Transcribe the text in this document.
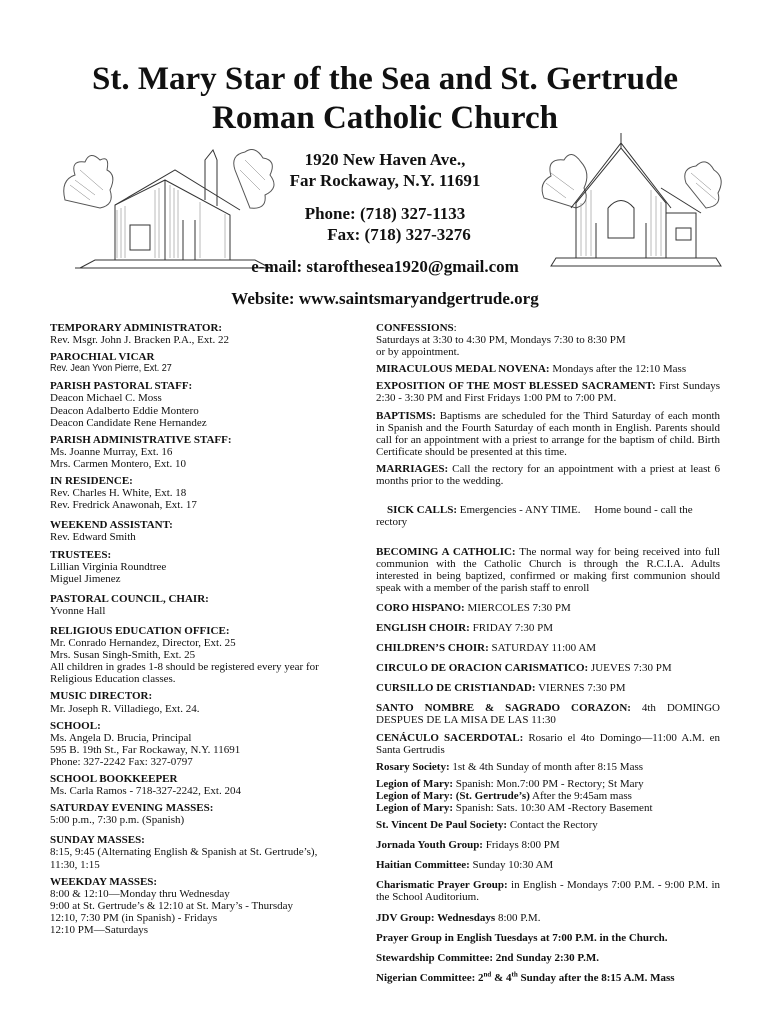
St. Mary Star of the Sea and St. Gertrude
Roman Catholic Church
1920 New Haven Ave.,
Far Rockaway, N.Y. 11691
Phone: (718) 327-1133
Fax: (718) 327-3276
e-mail: starofthesea1920@gmail.com
Website: www.saintsmaryandgertrude.org
TEMPORARY ADMINISTRATOR:
Rev. Msgr. John J. Bracken P.A., Ext. 22
PAROCHIAL VICAR
Rev. Jean Yvon Pierre, Ext. 27
PARISH PASTORAL STAFF:
Deacon Michael C. Moss
Deacon Adalberto Eddie Montero
Deacon Candidate Rene Hernandez
PARISH ADMINISTRATIVE STAFF:
Ms. Joanne Murray, Ext. 16
Mrs. Carmen Montero, Ext. 10
IN RESIDENCE:
Rev. Charles H. White, Ext. 18
Rev. Fredrick Anawonah, Ext. 17
WEEKEND ASSISTANT:
Rev. Edward Smith
TRUSTEES:
Lillian Virginia Roundtree
Miguel Jimenez
PASTORAL COUNCIL, CHAIR:
Yvonne Hall
RELIGIOUS EDUCATION OFFICE:
Mr. Conrado Hernandez, Director, Ext. 25
Mrs. Susan Singh-Smith, Ext. 25
All children in grades 1-8 should be registered every year for
Religious Education classes.
MUSIC DIRECTOR:
Mr. Joseph R. Villadiego, Ext. 24.
SCHOOL:
Ms. Angela D. Brucia, Principal
595 B. 19th St., Far Rockaway, N.Y. 11691
Phone: 327-2242 Fax: 327-0797
SCHOOL BOOKKEEPER
Ms. Carla Ramos - 718-327-2242, Ext. 204
SATURDAY EVENING MASSES:
5:00 p.m., 7:30 p.m. (Spanish)
SUNDAY MASSES:
8:15, 9:45 (Alternating English & Spanish at St. Gertrude’s),
11:30, 1:15
WEEKDAY MASSES:
8:00 & 12:10—Monday thru Wednesday
9:00 at St. Gertrude’s & 12:10 at St. Mary’s - Thursday
12:10, 7:30 PM (in Spanish) - Fridays
12:10 PM—Saturdays
CONFESSIONS:
Saturdays at 3:30 to 4:30 PM, Mondays 7:30 to 8:30 PM
or by appointment.
MIRACULOUS MEDAL NOVENA: Mondays after the 12:10 Mass
EXPOSITION OF THE MOST BLESSED SACRAMENT: First Sundays 2:30 - 3:30 PM and First Fridays 1:00 PM to 7:00 PM.
BAPTISMS: Baptisms are scheduled for the Third Saturday of each month in Spanish and the Fourth Saturday of each month in English. Parents should call for an appointment with a priest to arrange for the baptism of child. Birth Certificate should be presented at this time.
MARRIAGES: Call the rectory for an appointment with a priest at least 6 months prior to the wedding.

SICK CALLS: Emergencies - ANY TIME.     Home bound - call the rectory

BECOMING A CATHOLIC: The normal way for being received into full communion with the Catholic Church is through the R.C.I.A. Adults interested in being baptized, confirmed or making first communion should speak with a member of the parish staff to enroll
CORO HISPANO: MIERCOLES 7:30 PM
ENGLISH CHOIR: FRIDAY 7:30 PM
CHILDREN’S CHOIR: SATURDAY 11:00 AM
CIRCULO DE ORACION CARISMATICO: JUEVES 7:30 PM
CURSILLO DE CRISTIANDAD: VIERNES 7:30 PM
SANTO NOMBRE & SAGRADO CORAZON: 4th DOMINGO DESPUES DE LA MISA DE LAS 11:30
CENÁCULO SACERDOTAL: Rosario el 4to Domingo—11:00 A.M. en Santa Gertrudis
Rosary Society: 1st & 4th Sunday of month after 8:15 Mass
Legion of Mary: Spanish: Mon.7:00 PM - Rectory; St Mary
Legion of Mary: (St. Gertrude’s) After the 9:45am mass
Legion of Mary: Spanish: Sats. 10:30 AM -Rectory Basement
St. Vincent De Paul Society: Contact the Rectory
Jornada Youth Group: Fridays 8:00 PM
Haitian Committee: Sunday 10:30 AM
Charismatic Prayer Group: in English - Mondays 7:00 P.M. - 9:00 P.M. in the School Auditorium.
JDV Group: Wednesdays 8:00 P.M.
Prayer Group in English Tuesdays at 7:00 P.M. in the Church.
Stewardship Committee: 2nd Sunday 2:30 P.M.
Nigerian Committee: 2nd & 4th Sunday after the 8:15 A.M. Mass
